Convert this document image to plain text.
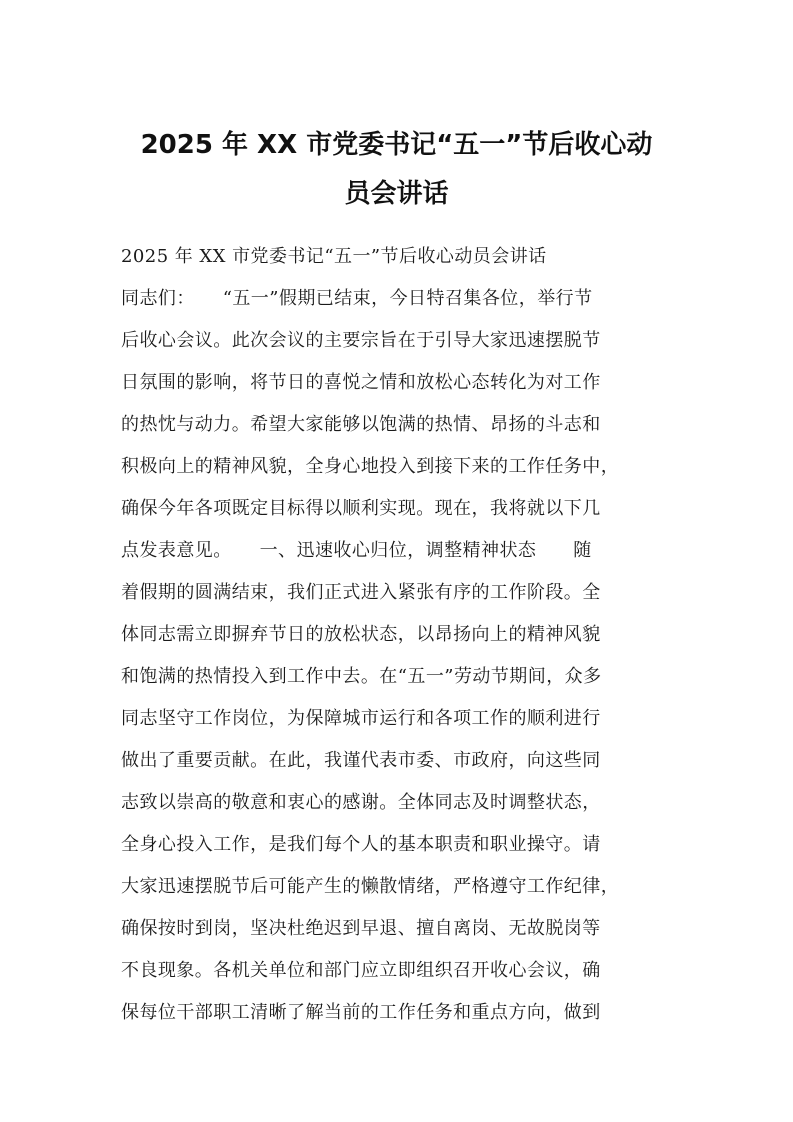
2025 年 XX 市党委书记“五一”节后收心动
员会讲话
2025 年 XX 市党委书记“五一”节后收心动员会讲话
同志们：　　“五一”假期已结束，今日特召集各位，举行节
后收心会议。此次会议的主要宗旨在于引导大家迅速摆脱节
日氛围的影响，将节日的喜悦之情和放松心态转化为对工作
的热忱与动力。希望大家能够以饱满的热情、昂扬的斗志和
积极向上的精神风貌，全身心地投入到接下来的工作任务中，
确保今年各项既定目标得以顺利实现。现在，我将就以下几
点发表意见。　　一、迅速收心归位，调整精神状态　　随
着假期的圆满结束，我们正式进入紧张有序的工作阶段。全
体同志需立即摒弃节日的放松状态，以昂扬向上的精神风貌
和饱满的热情投入到工作中去。在“五一”劳动节期间，众多
同志坚守工作岗位，为保障城市运行和各项工作的顺利进行
做出了重要贡献。在此，我谨代表市委、市政府，向这些同
志致以崇高的敬意和衷心的感谢。全体同志及时调整状态，
全身心投入工作，是我们每个人的基本职责和职业操守。请
大家迅速摆脱节后可能产生的懒散情绪，严格遵守工作纪律，
确保按时到岗，坚决杜绝迟到早退、擅自离岗、无故脱岗等
不良现象。各机关单位和部门应立即组织召开收心会议，确
保每位干部职工清晰了解当前的工作任务和重点方向，做到
